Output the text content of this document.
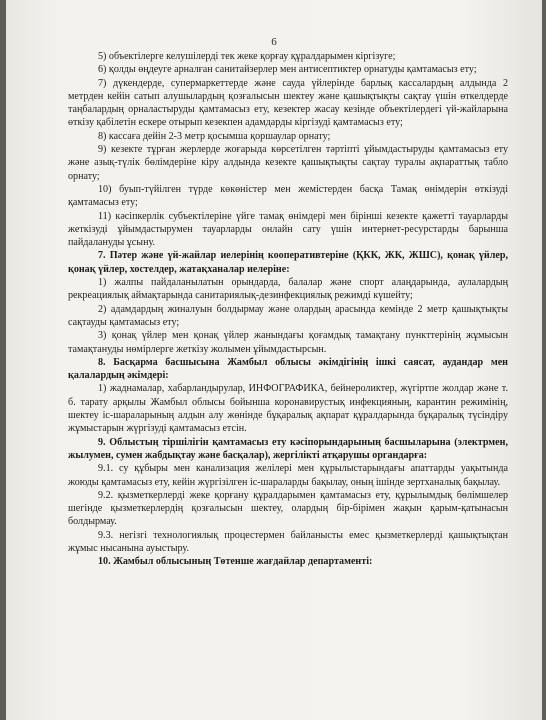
6

5) объектілерге келушілерді тек жеке қорғау құралдарымен кіргізуге;

6) қолды өңдеуге арналған санитайзерлер мен антисептиктер орнатуды қамтамасыз ету;

7) дүкендерде, супермаркеттерде және сауда үйлерінде барлық кассалардың алдында 2 метрден кейін сатып алушылардың қозғалысын шектеу және қашықтықты сақтау үшін өткелдерде таңбалардың орналастыруды қамтамасыз ету, кезектер жасау кезінде объектілердегі үй-жайларына өткізу қабілетін ескере отырып кезекпен адамдарды кіргізуді қамтамасыз ету;

8) кассаға дейін 2-3 метр қосымша қоршаулар орнату;

9) кезекте тұрған жерлерде жоғарыда көрсетілген тәртіпті ұйымдастыруды қамтамасыз ету және азық-түлік бөлімдеріне кіру алдында кезекте қашықтықты сақтау туралы ақпараттық табло орнату;

10) буып-түйілген түрде көкөністер мен жемістерден басқа Тамақ өнімдерін өткізуді қамтамасыз ету;

11) кәсіпкерлік субъектілеріне үйге тамақ өнімдері мен бірінші кезекте қажетті тауарларды жеткізуді ұйымдастырумен тауарларды онлайн сату үшін интернет-ресурстарды барынша пайдалануды ұсыну.

7. Пәтер және үй-жайлар иелерінің кооперативтеріне (ҚКК, ЖК, ЖШС), қонақ үйлер, қонақ үйлер, хостелдер, жатақханалар иелеріне:

1) жалпы пайдаланылатын орындарда, балалар және спорт алаңдарында, аулалардың рекреациялық аймақтарында санитариялық-дезинфекциялық режимді күшейту;

2) адамдардың жиналуын болдырмау және олардың арасында кемінде 2 метр қашықтықты сақтауды қамтамасыз ету;

3) қонақ үйлер мен қонақ үйлер жанындағы қоғамдық тамақтану пункттерінің жұмысын тамақтануды нөмірлерге жеткізу жолымен ұйымдастырсын.

8. Басқарма басшысына Жамбыл облысы әкімдігінің ішкі саясат, аудандар мен қалалардың әкімдері:

1) жаднамалар, хабарландырулар, ИНФОГРАФИКА, бейнероликтер, жүгіртпе жолдар және т. б. тарату арқылы Жамбыл облысы бойынша коронавирустық инфекцияның, карантин режимінің, шектеу іс-шараларының алдын алу жөнінде бұқаралық ақпарат құралдарында бұқаралық түсіндіру жұмыстарын жүргізуді қамтамасыз етсін.

9. Облыстың тіршілігін қамтамасыз ету кәсіпорындарының басшыларына (электрмен, жылумен, сумен жабдықтау және басқалар), жергілікті атқарушы органдарға:

9.1. су құбыры мен канализация желілері мен құрылыстарындағы апаттарды уақытында жоюды қамтамасыз ету, кейін жүргізілген іс-шараларды бақылау, оның ішінде зертханалық бақылау.

9.2. қызметкерлерді жеке қорғану құралдарымен қамтамасыз ету, құрылымдық бөлімшелер шегінде қызметкерлердің қозғалысын шектеу, олардың бір-бірімен жақын қарым-қатынасын болдырмау.

9.3. негізгі технологиялық процестермен байланысты емес қызметкерлерді қашықтықтан жұмыс нысанына ауыстыру.

10. Жамбыл облысының Төтенше жағдайлар департаменті:
